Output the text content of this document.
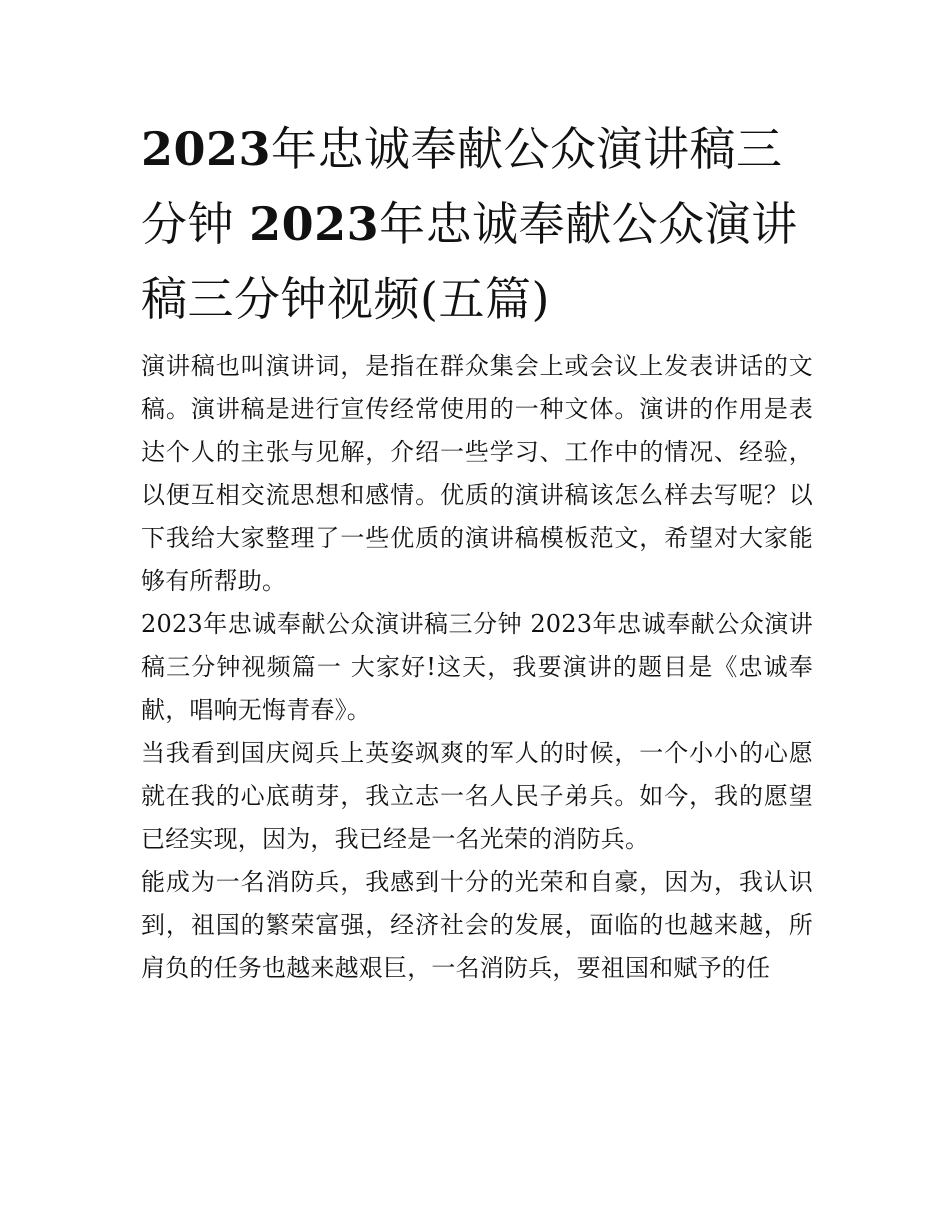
2023年忠诚奉献公众演讲稿三分钟 2023年忠诚奉献公众演讲稿三分钟视频(五篇)

演讲稿也叫演讲词，是指在群众集会上或会议上发表讲话的文稿。演讲稿是进行宣传经常使用的一种文体。演讲的作用是表达个人的主张与见解，介绍一些学习、工作中的情况、经验，以便互相交流思想和感情。优质的演讲稿该怎么样去写呢？以下我给大家整理了一些优质的演讲稿模板范文，希望对大家能够有所帮助。

2023年忠诚奉献公众演讲稿三分钟 2023年忠诚奉献公众演讲稿三分钟视频篇一 大家好!这天，我要演讲的题目是《忠诚奉献，唱响无悔青春》。

当我看到国庆阅兵上英姿飒爽的军人的时候，一个小小的心愿就在我的心底萌芽，我立志一名人民子弟兵。如今，我的愿望已经实现，因为，我已经是一名光荣的消防兵。

能成为一名消防兵，我感到十分的光荣和自豪，因为，我认识到，祖国的繁荣富强，经济社会的发展，面临的也越来越，所肩负的任务也越来越艰巨，一名消防兵，要祖国和赋予的任
